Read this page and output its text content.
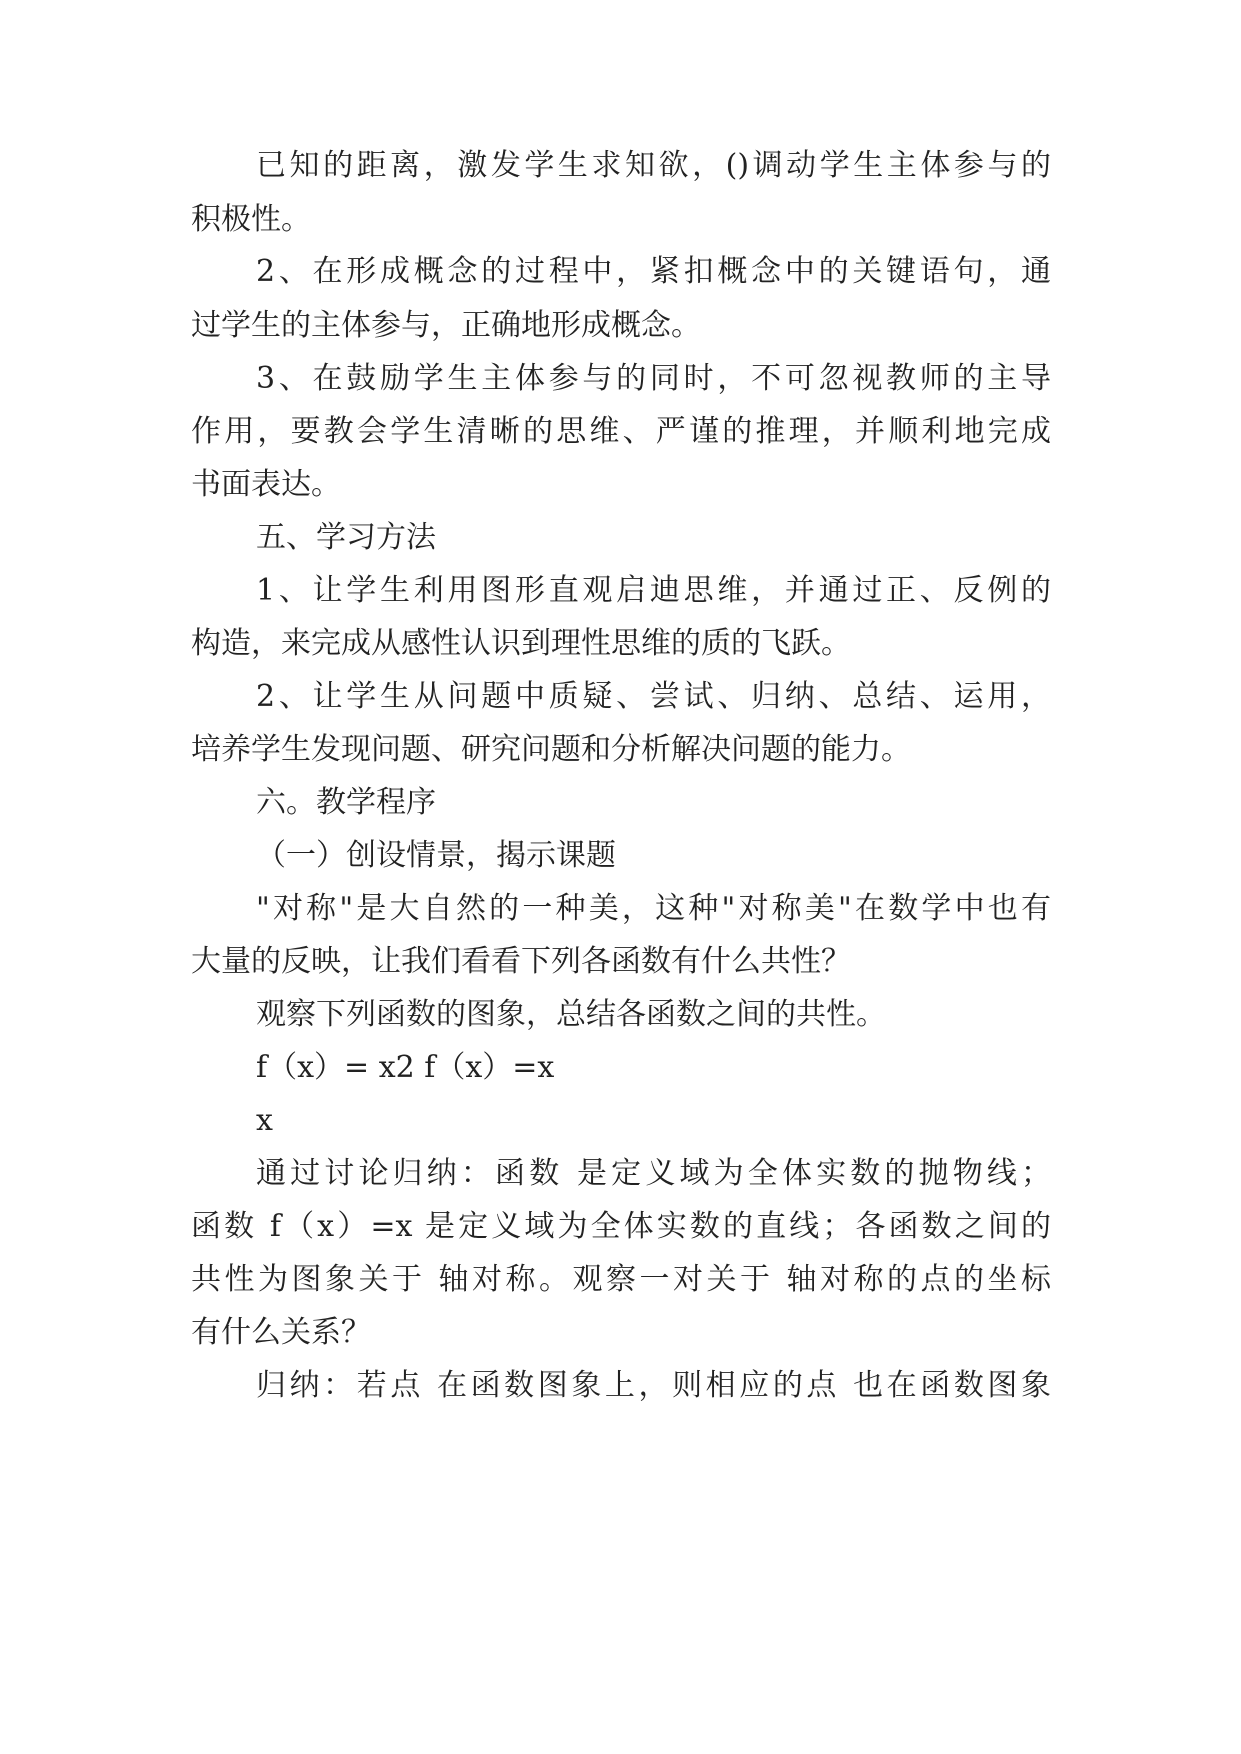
已知的距离，激发学生求知欲，()调动学生主体参与的
积极性。
2、在形成概念的过程中，紧扣概念中的关键语句，通
过学生的主体参与，正确地形成概念。
3、在鼓励学生主体参与的同时，不可忽视教师的主导
作用，要教会学生清晰的思维、严谨的推理，并顺利地完成
书面表达。
五、学习方法
1、让学生利用图形直观启迪思维，并通过正、反例的
构造，来完成从感性认识到理性思维的质的飞跃。
2、让学生从问题中质疑、尝试、归纳、总结、运用，
培养学生发现问题、研究问题和分析解决问题的能力。
六。教学程序
（一）创设情景，揭示课题
"对称"是大自然的一种美，这种"对称美"在数学中也有
大量的反映，让我们看看下列各函数有什么共性？
观察下列函数的图象，总结各函数之间的共性。
f（x）= x2 f（x）=x
x
通过讨论归纳：函数 是定义域为全体实数的抛物线；
函数 f（x）=x 是定义域为全体实数的直线；各函数之间的
共性为图象关于 轴对称。观察一对关于 轴对称的点的坐标
有什么关系？
归纳：若点 在函数图象上，则相应的点 也在函数图象
